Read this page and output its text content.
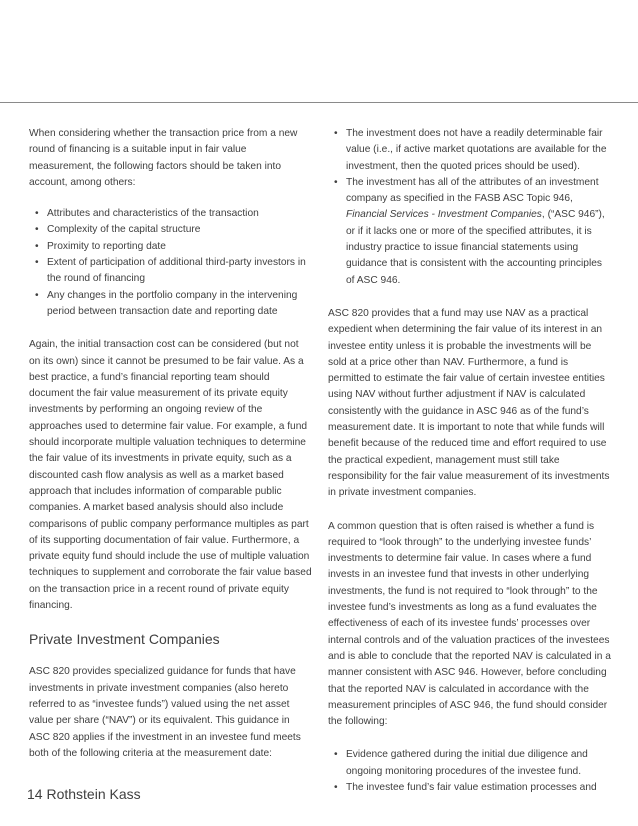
When considering whether the transaction price from a new round of financing is a suitable input in fair value measurement, the following factors should be taken into account, among others:

• Attributes and characteristics of the transaction
• Complexity of the capital structure
• Proximity to reporting date
• Extent of participation of additional third-party investors in the round of financing
• Any changes in the portfolio company in the intervening period between transaction date and reporting date

Again, the initial transaction cost can be considered (but not on its own) since it cannot be presumed to be fair value. As a best practice, a fund’s financial reporting team should document the fair value measurement of its private equity investments by performing an ongoing review of the approaches used to determine fair value. For example, a fund should incorporate multiple valuation techniques to determine the fair value of its investments in private equity, such as a discounted cash flow analysis as well as a market based approach that includes information of comparable public companies. A market based analysis should also include comparisons of public company performance multiples as part of its supporting documentation of fair value. Furthermore, a private equity fund should include the use of multiple valuation techniques to supplement and corroborate the fair value based on the transaction price in a recent round of private equity financing.

Private Investment Companies

ASC 820 provides specialized guidance for funds that have investments in private investment companies (also hereto referred to as “investee funds”) valued using the net asset value per share (“NAV”) or its equivalent. This guidance in ASC 820 applies if the investment in an investee fund meets both of the following criteria at the measurement date:

• The investment does not have a readily determinable fair value (i.e., if active market quotations are available for the investment, then the quoted prices should be used).
• The investment has all of the attributes of an investment company as specified in the FASB ASC Topic 946, Financial Services - Investment Companies, (“ASC 946”), or if it lacks one or more of the specified attributes, it is industry practice to issue financial statements using guidance that is consistent with the accounting principles of ASC 946.

ASC 820 provides that a fund may use NAV as a practical expedient when determining the fair value of its interest in an investee entity unless it is probable the investments will be sold at a price other than NAV. Furthermore, a fund is permitted to estimate the fair value of certain investee entities using NAV without further adjustment if NAV is calculated consistently with the guidance in ASC 946 as of the fund’s measurement date. It is important to note that while funds will benefit because of the reduced time and effort required to use the practical expedient, management must still take responsibility for the fair value measurement of its investments in private investment companies.

A common question that is often raised is whether a fund is required to “look through” to the underlying investee funds’ investments to determine fair value. In cases where a fund invests in an investee fund that invests in other underlying investments, the fund is not required to “look through” to the investee fund’s investments as long as a fund evaluates the effectiveness of each of its investee funds’ processes over internal controls and of the valuation practices of the investees and is able to conclude that the reported NAV is calculated in a manner consistent with ASC 946. However, before concluding that the reported NAV is calculated in accordance with the measurement principles of ASC 946, the fund should consider the following:

• Evidence gathered during the initial due diligence and ongoing monitoring procedures of the investee fund.
• The investee fund’s fair value estimation processes and
14 Rothstein Kass
